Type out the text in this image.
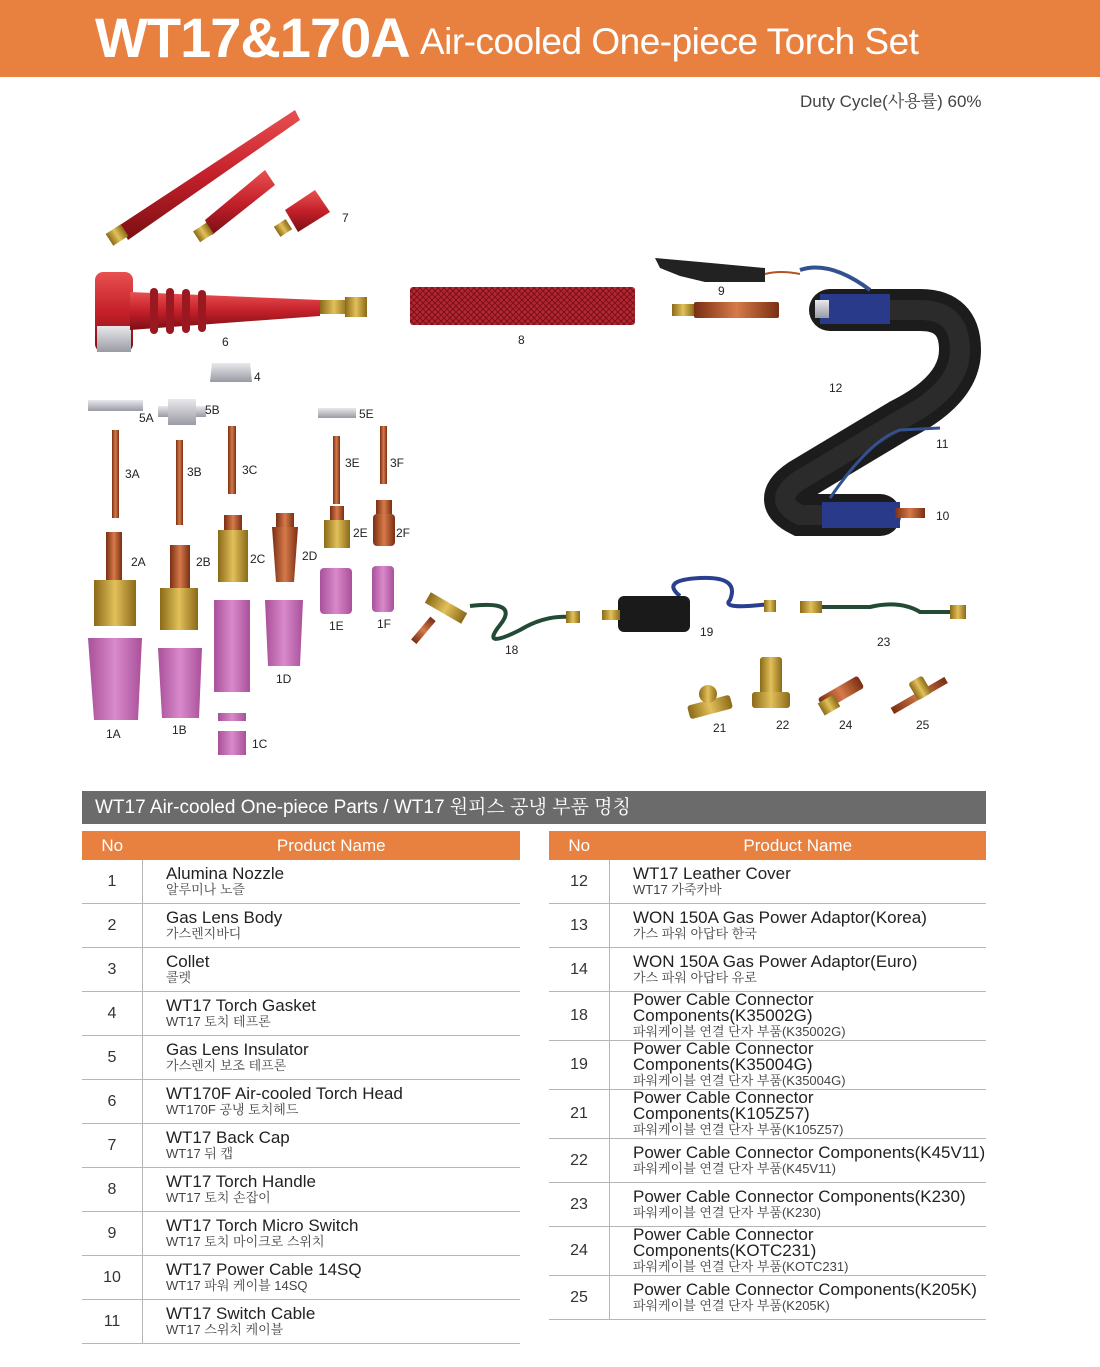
WT17&170A Air-cooled One-piece Torch Set
Duty Cycle(사용률) 60%
7
6
4
8
9
12
11
10
5A
5B	5E
3A	3B	3C	3E	3F
2E 2F
2A	2B	2C	2D
1E	1F
1D
1A	1B
1C
18
19
23
21	22	24	25
WT17 Air-cooled One-piece Parts / WT17 원피스 공냉 부품 명칭
No	Product Name
1	Alumina Nozzle
알루미나 노즐

2	Gas Lens Body
가스렌지바디

3	Collet
콜렛

4	WT17 Torch Gasket
WT17 토치 테프론

5	Gas Lens Insulator
가스렌지 보조 테프론

6	WT170F Air-cooled Torch Head
WT170F 공냉 토치헤드

7	WT17 Back Cap
WT17 뒤 캡

8	WT17 Torch Handle
WT17 토치 손잡이

9	WT17 Torch Micro Switch
WT17 토치 마이크로 스위치

10	WT17 Power Cable 14SQ
WT17 파워 케이블 14SQ

11	WT17 Switch Cable
WT17 스위치 케이블
No	Product Name
12	WT17 Leather Cover
WT17 가죽카바

13	WON 150A Gas Power Adaptor(Korea)
가스 파워 아답타 한국

14	WON 150A Gas Power Adaptor(Euro)
가스 파워 아답타 유로

18	Power Cable Connector Components(K35002G)
파워케이블 연결 단자 부품(K35002G)

19	Power Cable Connector Components(K35004G)
파워케이블 연결 단자 부품(K35004G)

21	Power Cable Connector Components(K105Z57)
파워케이블 연결 단자 부품(K105Z57)

22	Power Cable Connector Components(K45V11)
파워케이블 연결 단자 부품(K45V11)

23	Power Cable Connector Components(K230)
파워케이블 연결 단자 부품(K230)

24	Power Cable Connector Components(KOTC231)
파워케이블 연결 단자 부품(KOTC231)

25	Power Cable Connector Components(K205K)
파워케이블 연결 단자 부품(K205K)
